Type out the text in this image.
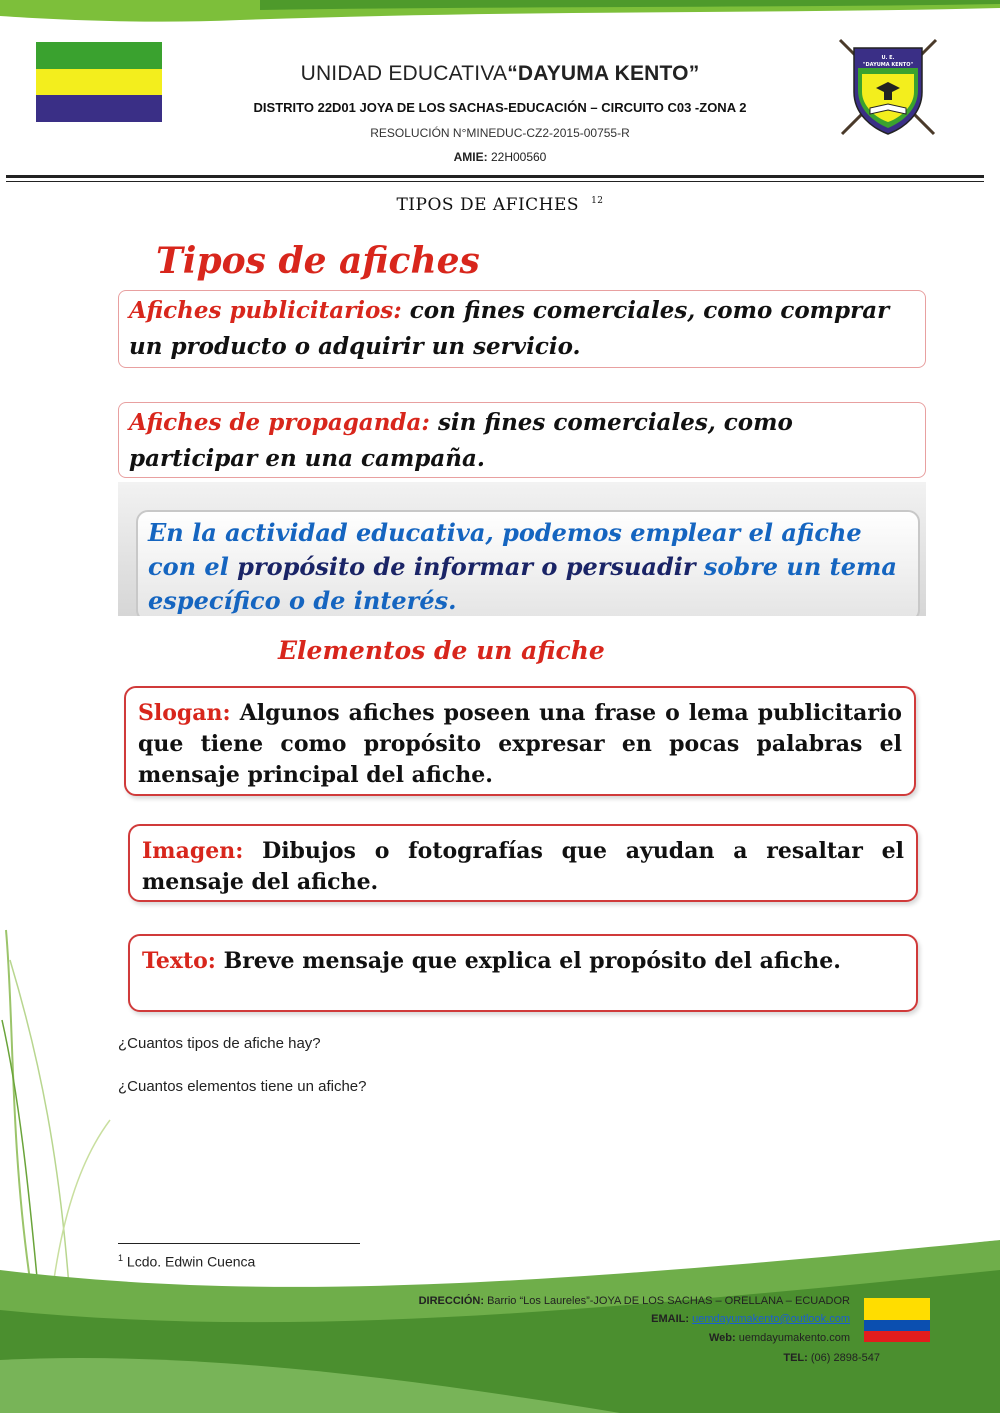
UNIDAD EDUCATIVA“DAYUMA KENTO”
DISTRITO 22D01 JOYA DE LOS SACHAS-EDUCACIÓN – CIRCUITO C03 -ZONA 2
RESOLUCIÓN N°MINEDUC-CZ2-2015-00755-R
AMIE: 22H00560
U. E.
"DAYUMA KENTO"
TIPOS DE AFICHES $^{12}$
Tipos de afiches
Afiches publicitarios: con fines comerciales, como comprar un producto o adquirir un servicio.
Afiches de propaganda: sin fines comerciales, como participar en una campaña.
En la actividad educativa, podemos emplear el afiche con el propósito de informar o persuadir sobre un tema específico o de interés.
Elementos de un afiche
Slogan: Algunos afiches poseen una frase o lema publicitario que tiene como propósito expresar en pocas palabras el mensaje principal del afiche.
Imagen: Dibujos o fotografías que ayudan a resaltar el mensaje del afiche.
Texto: Breve mensaje que explica el propósito del afiche.
¿Cuantos tipos de afiche hay?
¿Cuantos elementos tiene un afiche?
$^1$ Lcdo. Edwin Cuenca
DIRECCIÓN: Barrio “Los Laureles”-JOYA DE LOS SACHAS – ORELLANA – ECUADOR
EMAIL: uemdayumakento@outlook.com
Web: uemdayumakento.com
TEL: (06) 2898-547
